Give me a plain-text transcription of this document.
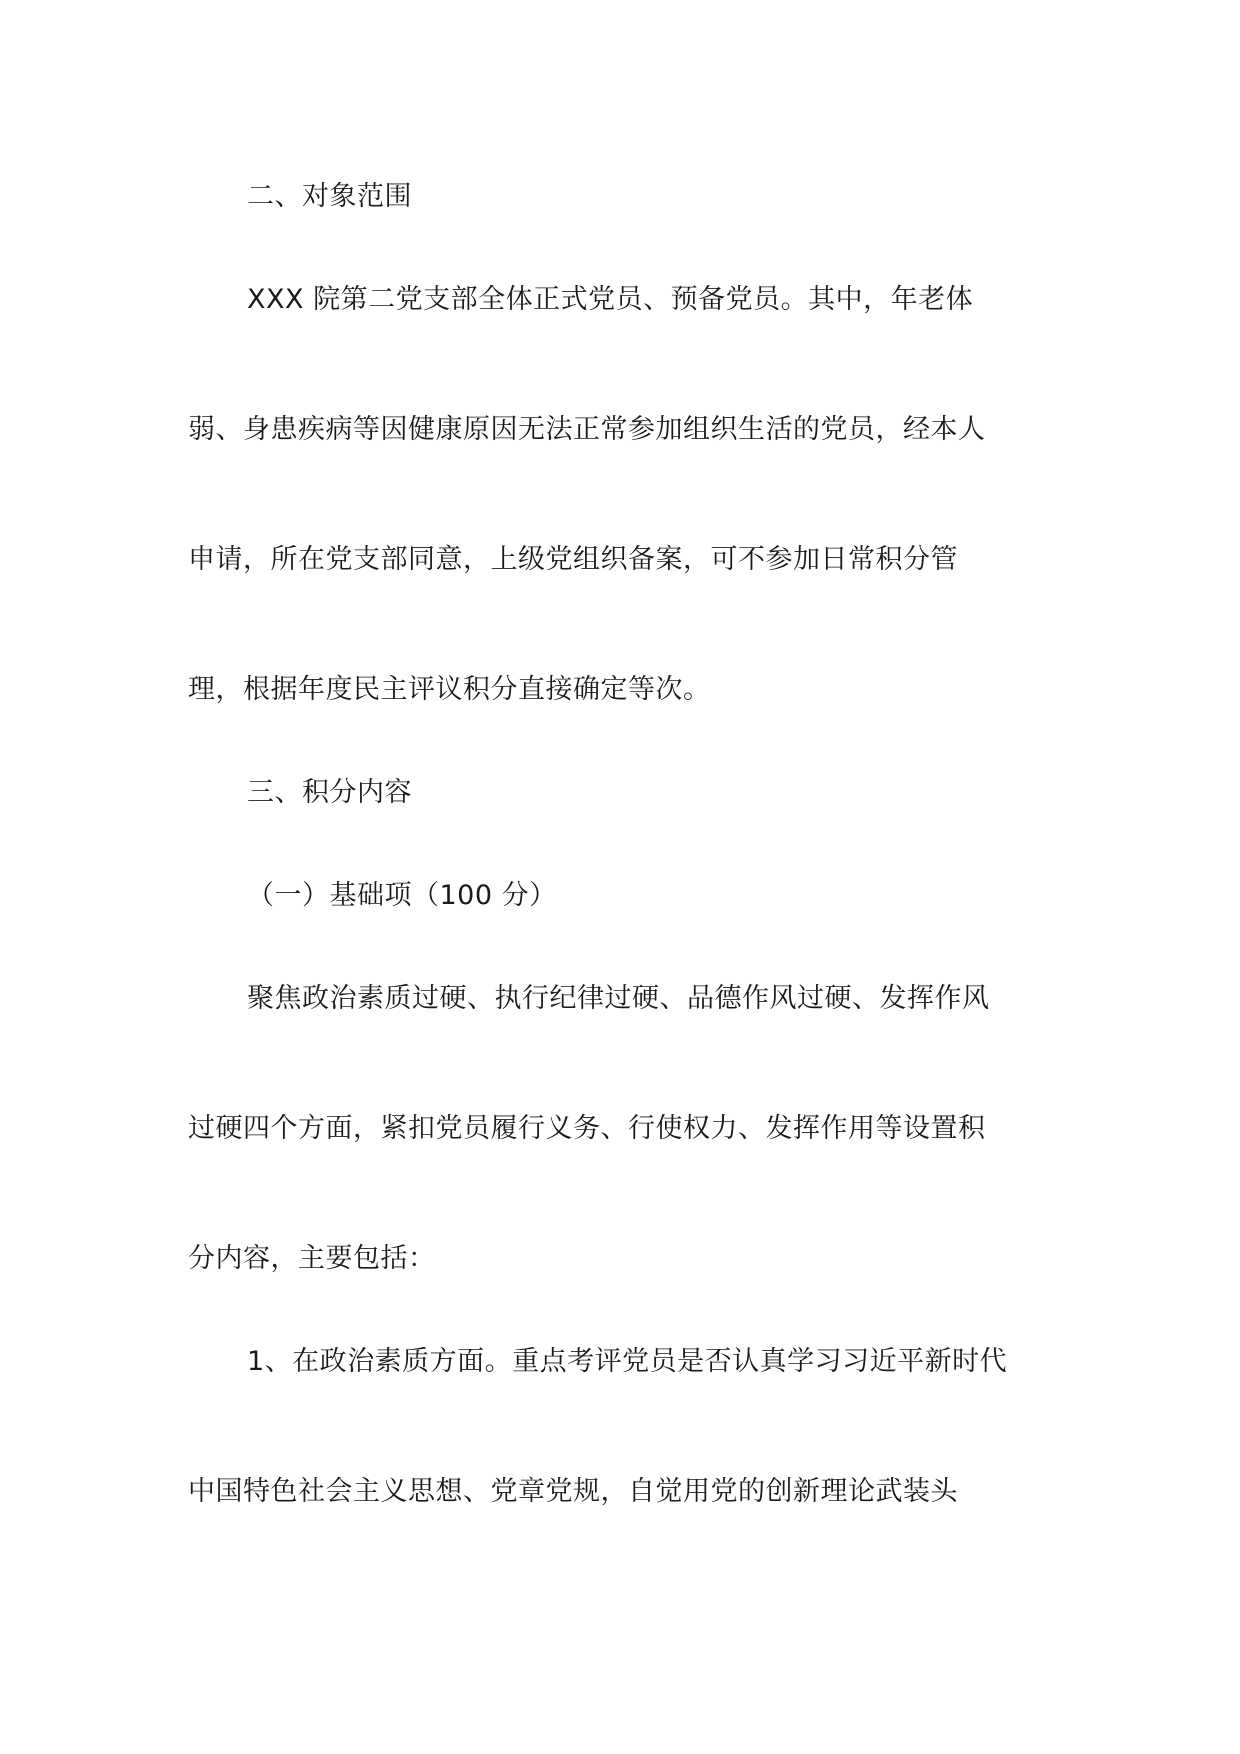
二、对象范围
XXX 院第二党支部全体正式党员、预备党员。其中，年老体
弱、身患疾病等因健康原因无法正常参加组织生活的党员，经本人
申请，所在党支部同意，上级党组织备案，可不参加日常积分管
理，根据年度民主评议积分直接确定等次。
三、积分内容
（一）基础项（100 分）
聚焦政治素质过硬、执行纪律过硬、品德作风过硬、发挥作风
过硬四个方面，紧扣党员履行义务、行使权力、发挥作用等设置积
分内容，主要包括：
1、在政治素质方面。重点考评党员是否认真学习习近平新时代
中国特色社会主义思想、党章党规，自觉用党的创新理论武装头
